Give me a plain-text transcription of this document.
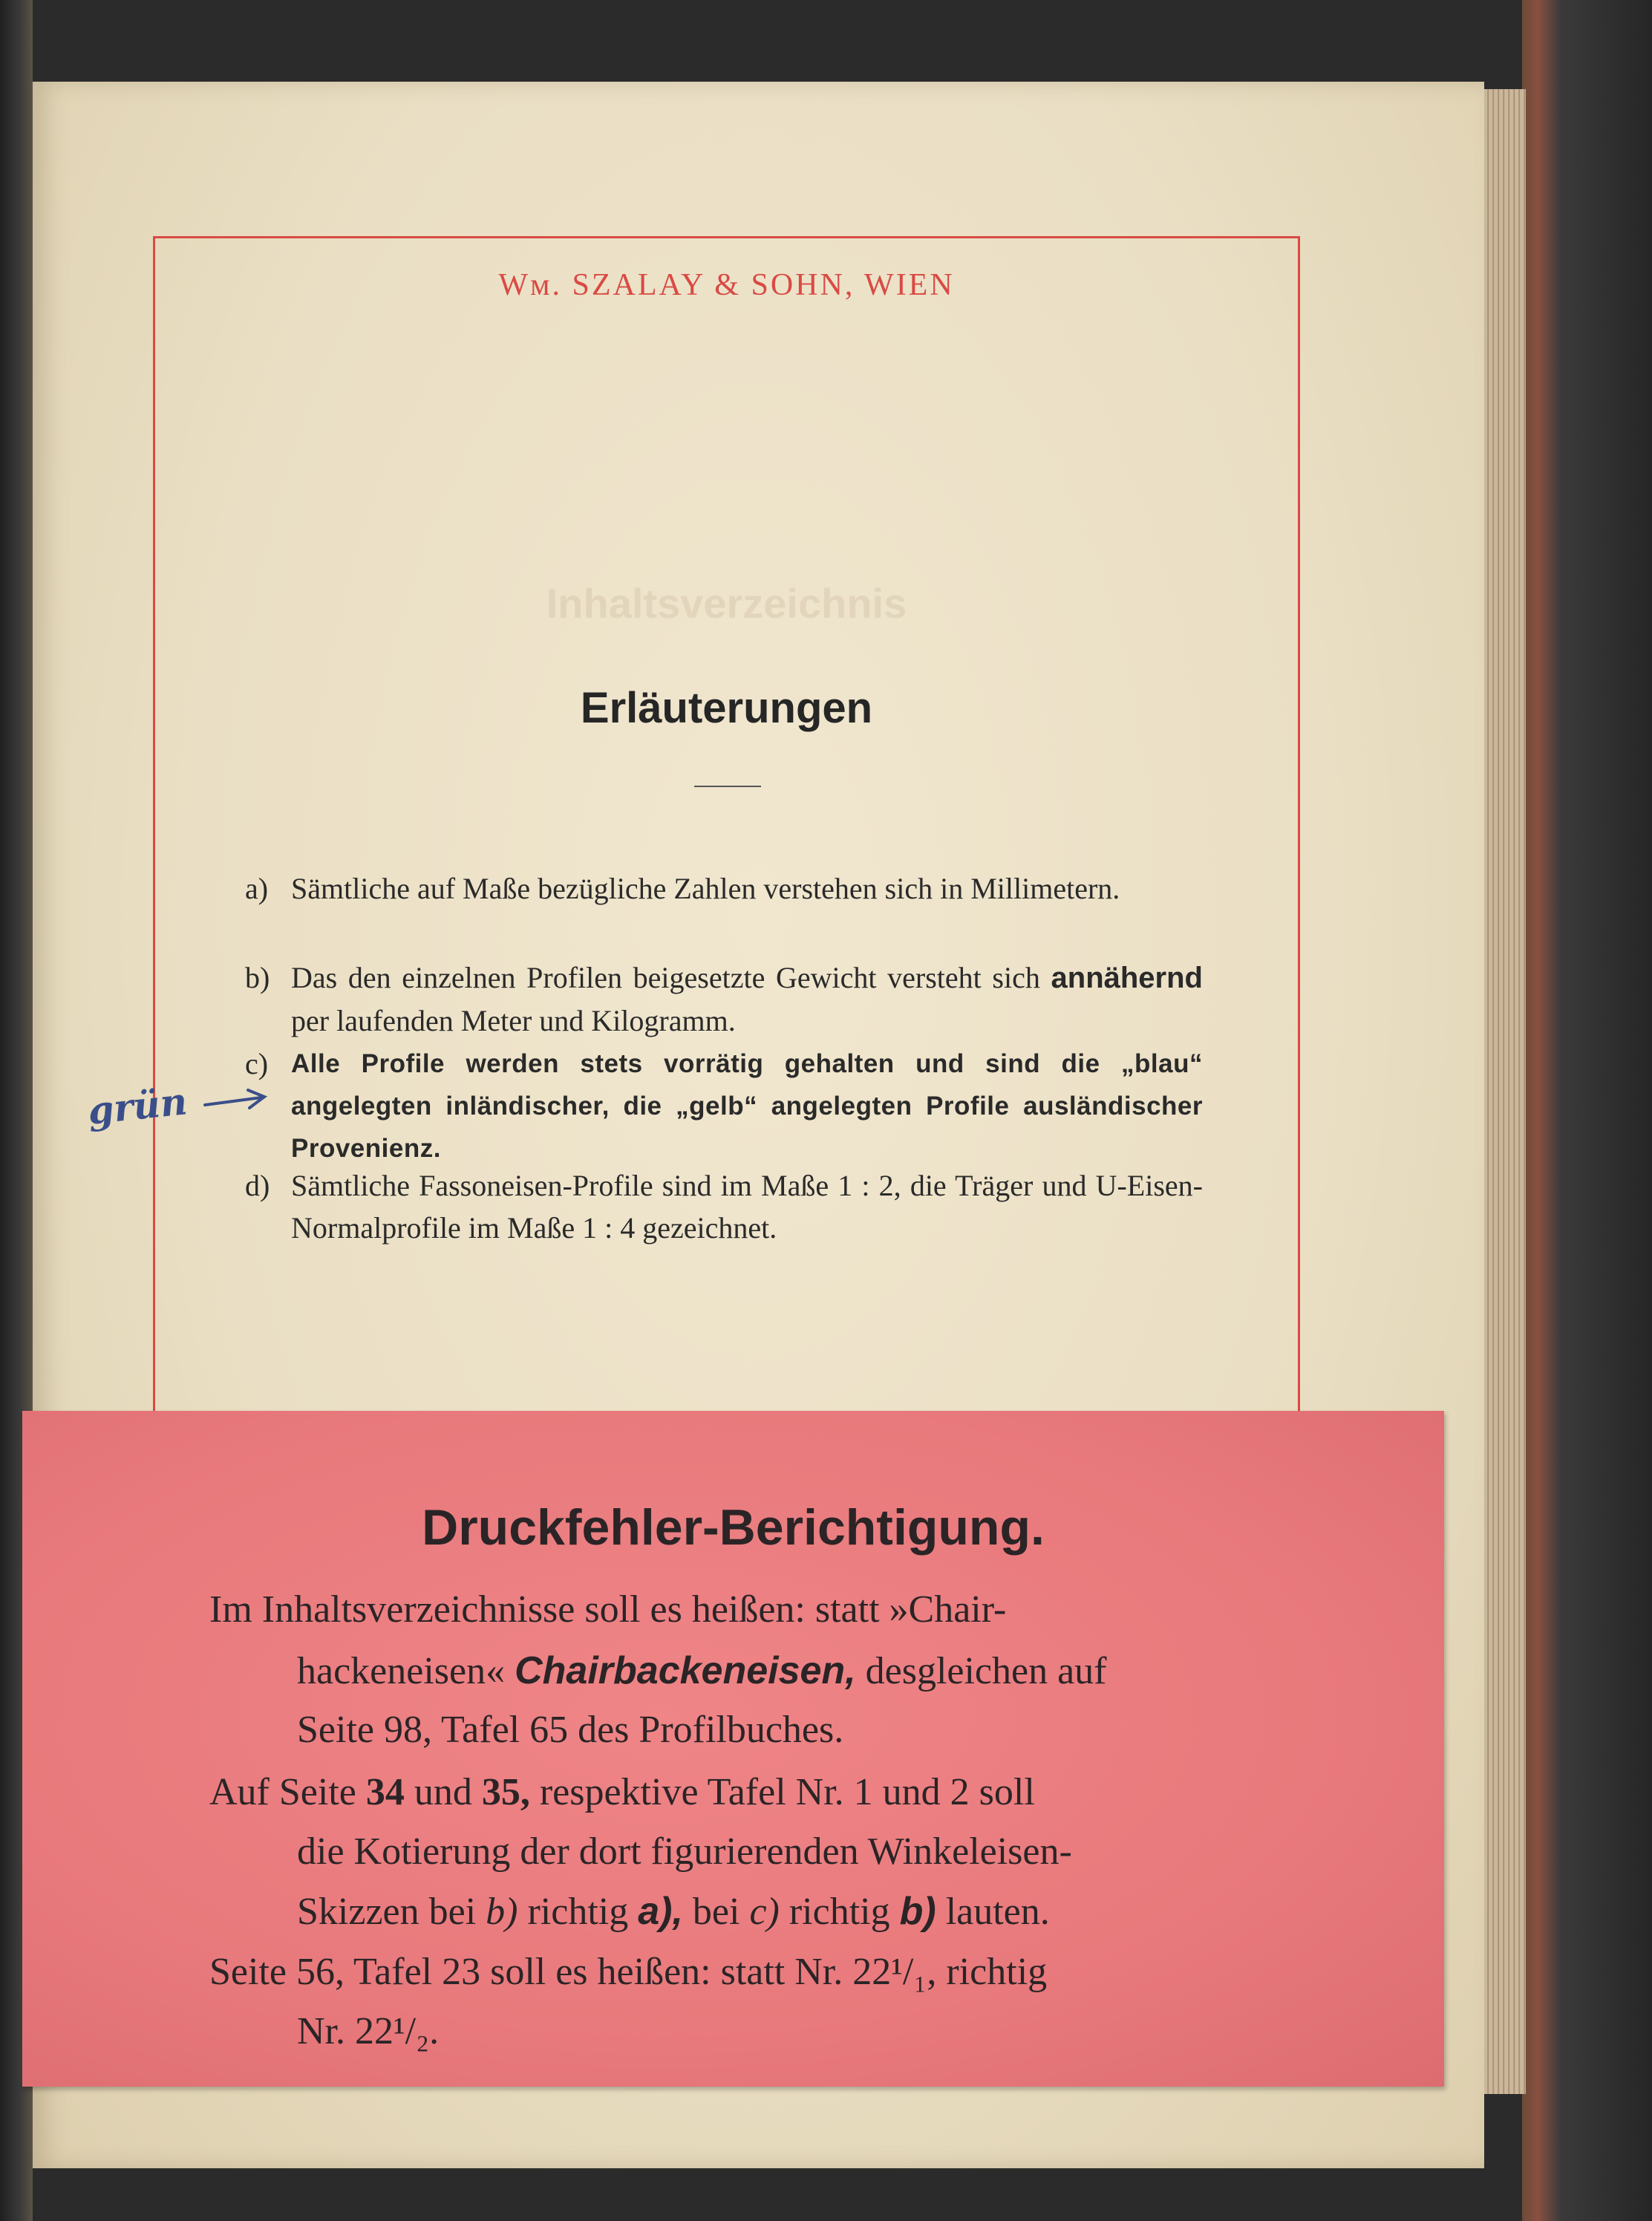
Wм. SZALAY & SOHN, WIEN
Inhaltsverzeichnis
Erläuterungen
a) Sämtliche auf Maße bezügliche Zahlen verstehen sich in Millimetern.
b) Das den einzelnen Profilen beigesetzte Gewicht versteht sich annähernd per laufenden Meter und Kilogramm.
c) Alle Profile werden stets vorrätig gehalten und sind die „blau“ angelegten inländischer, die „gelb“ angelegten Profile ausländischer Provenienz.
d) Sämtliche Fassoneisen-Profile sind im Maße 1 : 2, die Träger und U-Eisen-Normalprofile im Maße 1 : 4 gezeichnet.
grün
Druckfehler-Berichtigung.
Im Inhaltsverzeichnisse soll es heißen: statt »Chair-
hackeneisen« Chairbackeneisen, desgleichen auf
Seite 98, Tafel 65 des Profilbuches.
Auf Seite 34 und 35, respektive Tafel Nr. 1 und 2 soll
die Kotierung der dort figurierenden Winkeleisen-
Skizzen bei b) richtig a), bei c) richtig b) lauten.
Seite 56, Tafel 23 soll es heißen: statt Nr. 22¹/₁, richtig
Nr. 22¹/₂.
